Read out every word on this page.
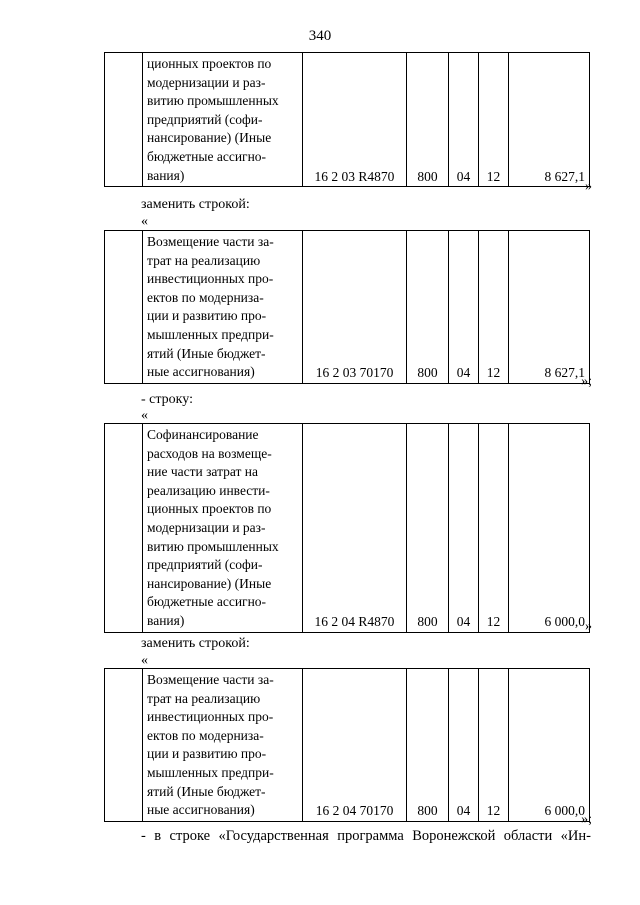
340

ционных проектов по
модернизации и раз-
витию промышленных
предприятий (софи-
нансирование) (Иные
бюджетные ассигно-
вания)	16 2 03 R4870	800	04	12	8 627,1
»
заменить строкой:
«

Возмещение части за-
трат на реализацию
инвестиционных про-
ектов по модерниза-
ции и развитию про-
мышленных предпри-
ятий (Иные бюджет-
ные ассигнования)	16 2 03 70170	800	04	12	8 627,1
»;
- строку:
«

Софинансирование
расходов на возмеще-
ние части затрат на
реализацию инвести-
ционных проектов по
модернизации и раз-
витию промышленных
предприятий (софи-
нансирование) (Иные
бюджетные ассигно-
вания)	16 2 04 R4870	800	04	12	6 000,0 »
заменить строкой:
«

Возмещение части за-
трат на реализацию
инвестиционных про-
ектов по модерниза-
ции и развитию про-
мышленных предпри-
ятий (Иные бюджет-
ные ассигнования)	16 2 04 70170	800	04	12	6 000,0
»;
- в строке «Государственная программа Воронежской области «Ин-
